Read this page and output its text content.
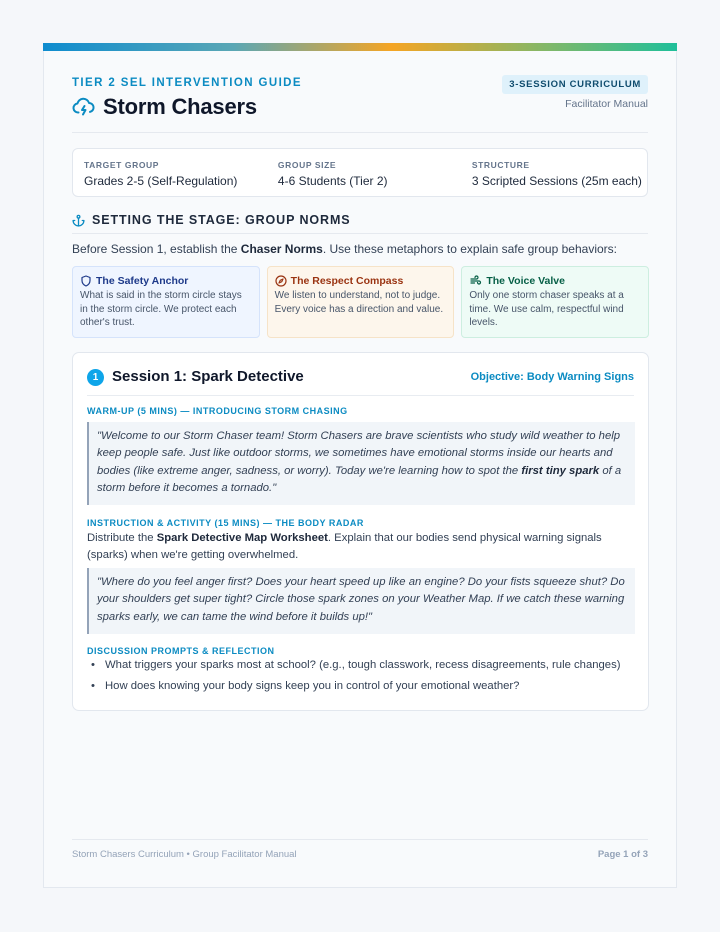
TIER 2 SEL INTERVENTION GUIDE
Storm Chasers
3-SESSION CURRICULUM
Facilitator Manual
TARGET GROUP
Grades 2-5 (Self-Regulation)
GROUP SIZE
4-6 Students (Tier 2)
STRUCTURE
3 Scripted Sessions (25m each)
SETTING THE STAGE: GROUP NORMS
Before Session 1, establish the Chaser Norms. Use these metaphors to explain safe group behaviors:
The Safety Anchor
What is said in the storm circle stays in the storm circle. We protect each other's trust.
The Respect Compass
We listen to understand, not to judge. Every voice has a direction and value.
The Voice Valve
Only one storm chaser speaks at a time. We use calm, respectful wind levels.
1 Session 1: Spark Detective	Objective: Body Warning Signs
WARM-UP (5 MINS) — INTRODUCING STORM CHASING
"Welcome to our Storm Chaser team! Storm Chasers are brave scientists who study wild weather to help keep people safe. Just like outdoor storms, we sometimes have emotional storms inside our hearts and bodies (like extreme anger, sadness, or worry). Today we're learning how to spot the first tiny spark of a storm before it becomes a tornado."
INSTRUCTION & ACTIVITY (15 MINS) — THE BODY RADAR
Distribute the Spark Detective Map Worksheet. Explain that our bodies send physical warning signals (sparks) when we're getting overwhelmed.
"Where do you feel anger first? Does your heart speed up like an engine? Do your fists squeeze shut? Do your shoulders get super tight? Circle those spark zones on your Weather Map. If we catch these warning sparks early, we can tame the wind before it builds up!"
DISCUSSION PROMPTS & REFLECTION
• What triggers your sparks most at school? (e.g., tough classwork, recess disagreements, rule changes)
• How does knowing your body signs keep you in control of your emotional weather?
Storm Chasers Curriculum • Group Facilitator Manual	Page 1 of 3
